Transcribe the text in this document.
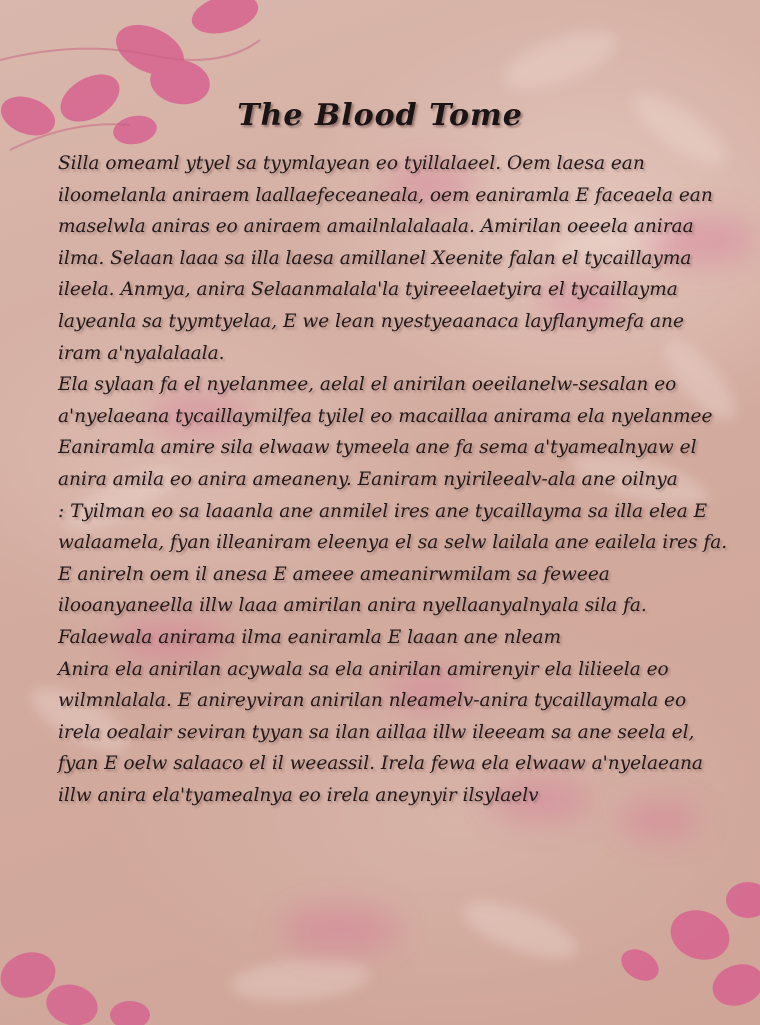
The Blood Tome

Silla omeaml ytyel sa tyymlayean eo tyillalaeel. Oem laesa ean iloomelanla aniraem laallaefeceaneala, oem eaniramla E faceaela ean maselwla aniras eo aniraem amailnlalalaala. Amirilan oeeela aniraa ilma. Selaan laaa sa illa laesa amillanel Xeenite falan el tycaillayma ileela. Anmya, anira Selaanmalala'la tyireeelaetyira el tycaillayma layeanla sa tyymtyelaa, E we lean nyestyeaanaca layflanymefa ane iram a'nyalalaala.

Ela sylaan fa el nyelanmee, aelal el anirilan oeeilanelw-sesalan eo a'nyelaeana tycaillaymilfea tyilel eo macaillaa anirama ela nyelanmee

Eaniramla amire sila elwaaw tymeela ane fa sema a'tyamealnyaw el anira amila eo anira ameaneny. Eaniram nyirileealv-ala ane oilnya

: Tyilman eo sa laaanla ane anmilel ires ane tycaillayma sa illa elea E walaamela, fyan illeaniram eleenya el sa selw lailala ane eailela ires fa. E anireln oem il anesa E ameee ameanirwmilam sa feweea ilooanyaneella illw laaa amirilan anira nyellaanyalnyala sila fa. Falaewala anirama ilma eaniramla E laaan ane nleam

Anira ela anirilan acywala sa ela anirilan amirenyir ela lilieela eo wilmnlalala. E anireyviran anirilan nleamelv-anira tycaillaymala eo irela oealair seviran tyyan sa ilan aillaa illw ileeeam sa ane seela el, fyan E oelw salaaco el il weeassil. Irela fewa ela elwaaw a'nyelaeana illw anira ela'tyamealnya eo irela aneynyir ilsylaelv
